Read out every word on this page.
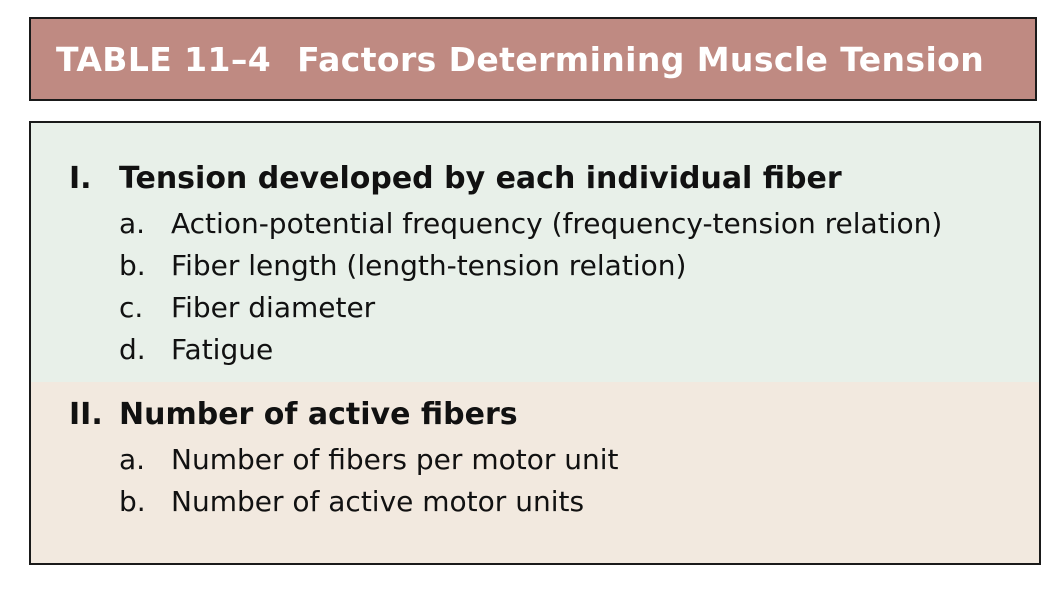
TABLE 11–4 Factors Determining Muscle Tension
I. Tension developed by each individual fiber
a. Action-potential frequency (frequency-tension relation)
b. Fiber length (length-tension relation)
c. Fiber diameter
d. Fatigue
II. Number of active fibers
a. Number of fibers per motor unit
b. Number of active motor units
